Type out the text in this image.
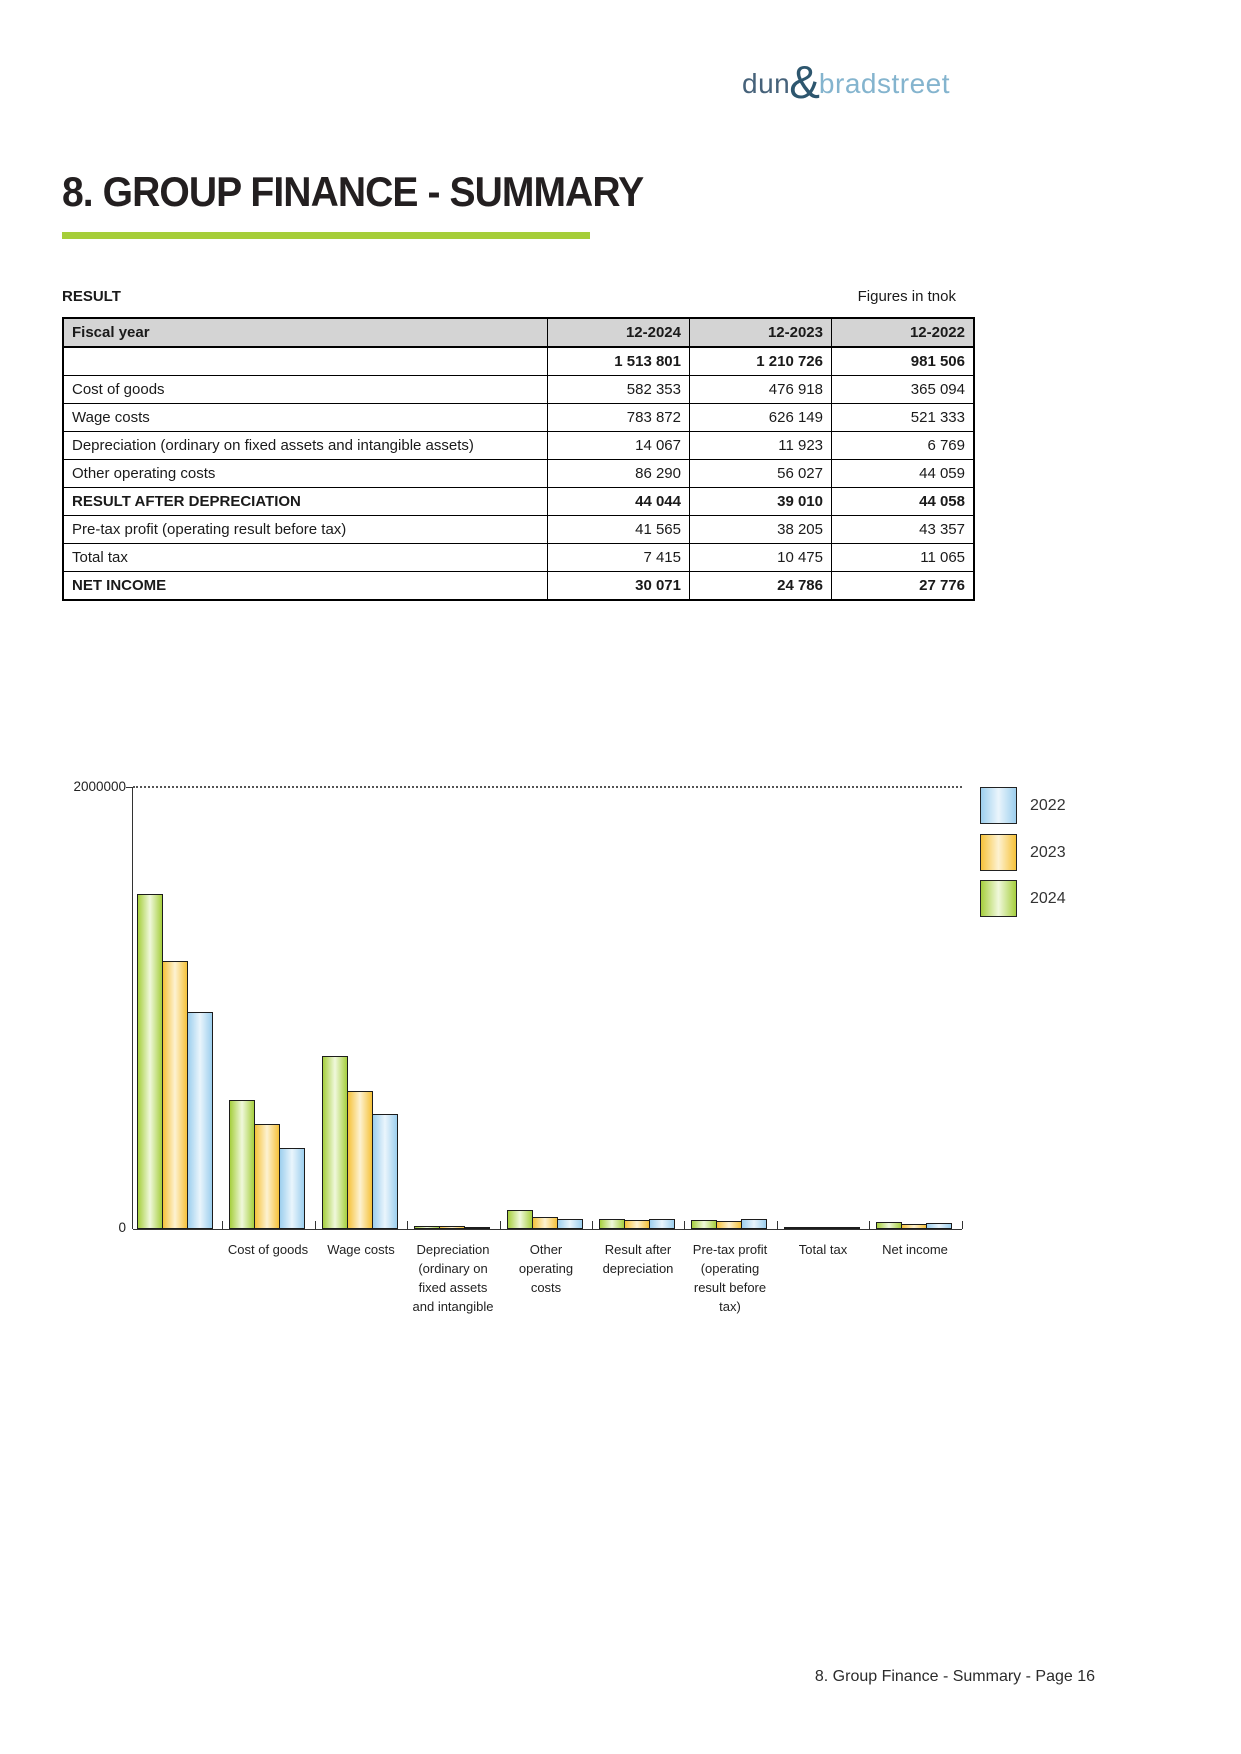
dun & bradstreet
8. GROUP FINANCE - SUMMARY
RESULT	Figures in tnok
Fiscal year	12-2024	12-2023	12-2022
	1 513 801	1 210 726	981 506
Cost of goods	582 353	476 918	365 094
Wage costs	783 872	626 149	521 333
Depreciation (ordinary on fixed assets and intangible assets)	14 067	11 923	6 769
Other operating costs	86 290	56 027	44 059
RESULT AFTER DEPRECIATION	44 044	39 010	44 058
Pre-tax profit (operating result before tax)	41 565	38 205	43 357
Total tax	7 415	10 475	11 065
NET INCOME	30 071	24 786	27 776
2000000
0
Cost of goods	Wage costs	Depreciation
(ordinary on
fixed assets
and intangible
Other
operating
costs
Result after
depreciation
Pre-tax profit
(operating
result before
tax)
Total tax	Net income
2022
2023
2024
8. Group Finance - Summary - Page 16
